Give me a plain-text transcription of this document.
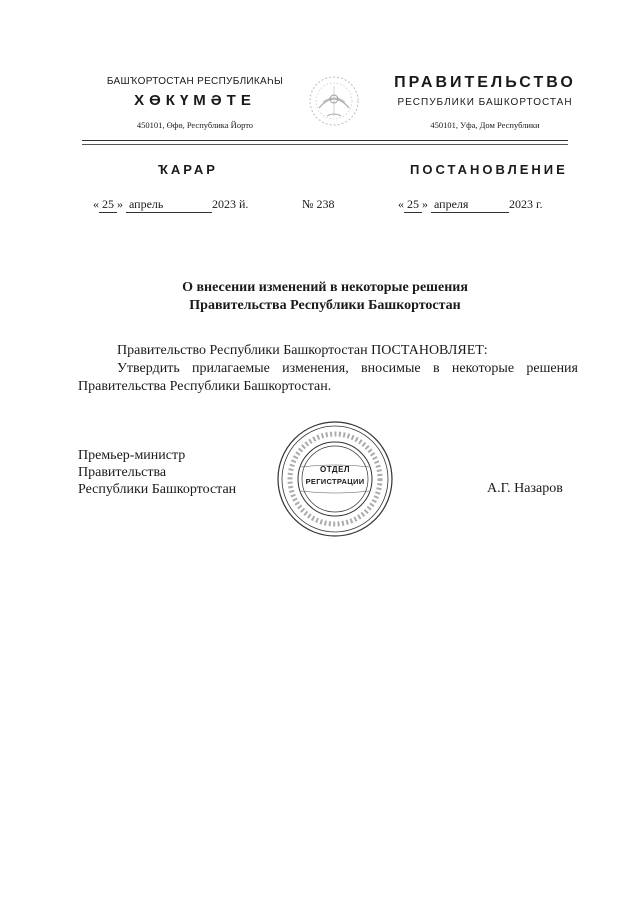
БАШҠОРТОСТАН РЕСПУБЛИКАҺЫ
ХӨКҮМӘТЕ
450101, Өфө, Республика Йорто
ПРАВИТЕЛЬСТВО
РЕСПУБЛИКИ БАШКОРТОСТАН
450101, Уфа, Дом Республики
ҠАРАР	ПОСТАНОВЛЕНИЕ
« 25 » апрель	2023 й.	№ 238	« 25 » апреля	2023 г.
О внесении изменений в некоторые решения
Правительства Республики Башкортостан
Правительство Республики Башкортостан ПОСТАНОВЛЯЕТ:
Утвердить прилагаемые изменения, вносимые в некоторые решения
Правительства Республики Башкортостан.
Премьер-министр
Правительства
Республики Башкортостан	А.Г. Назаров
ОТДЕЛ
РЕГИСТРАЦИИ
